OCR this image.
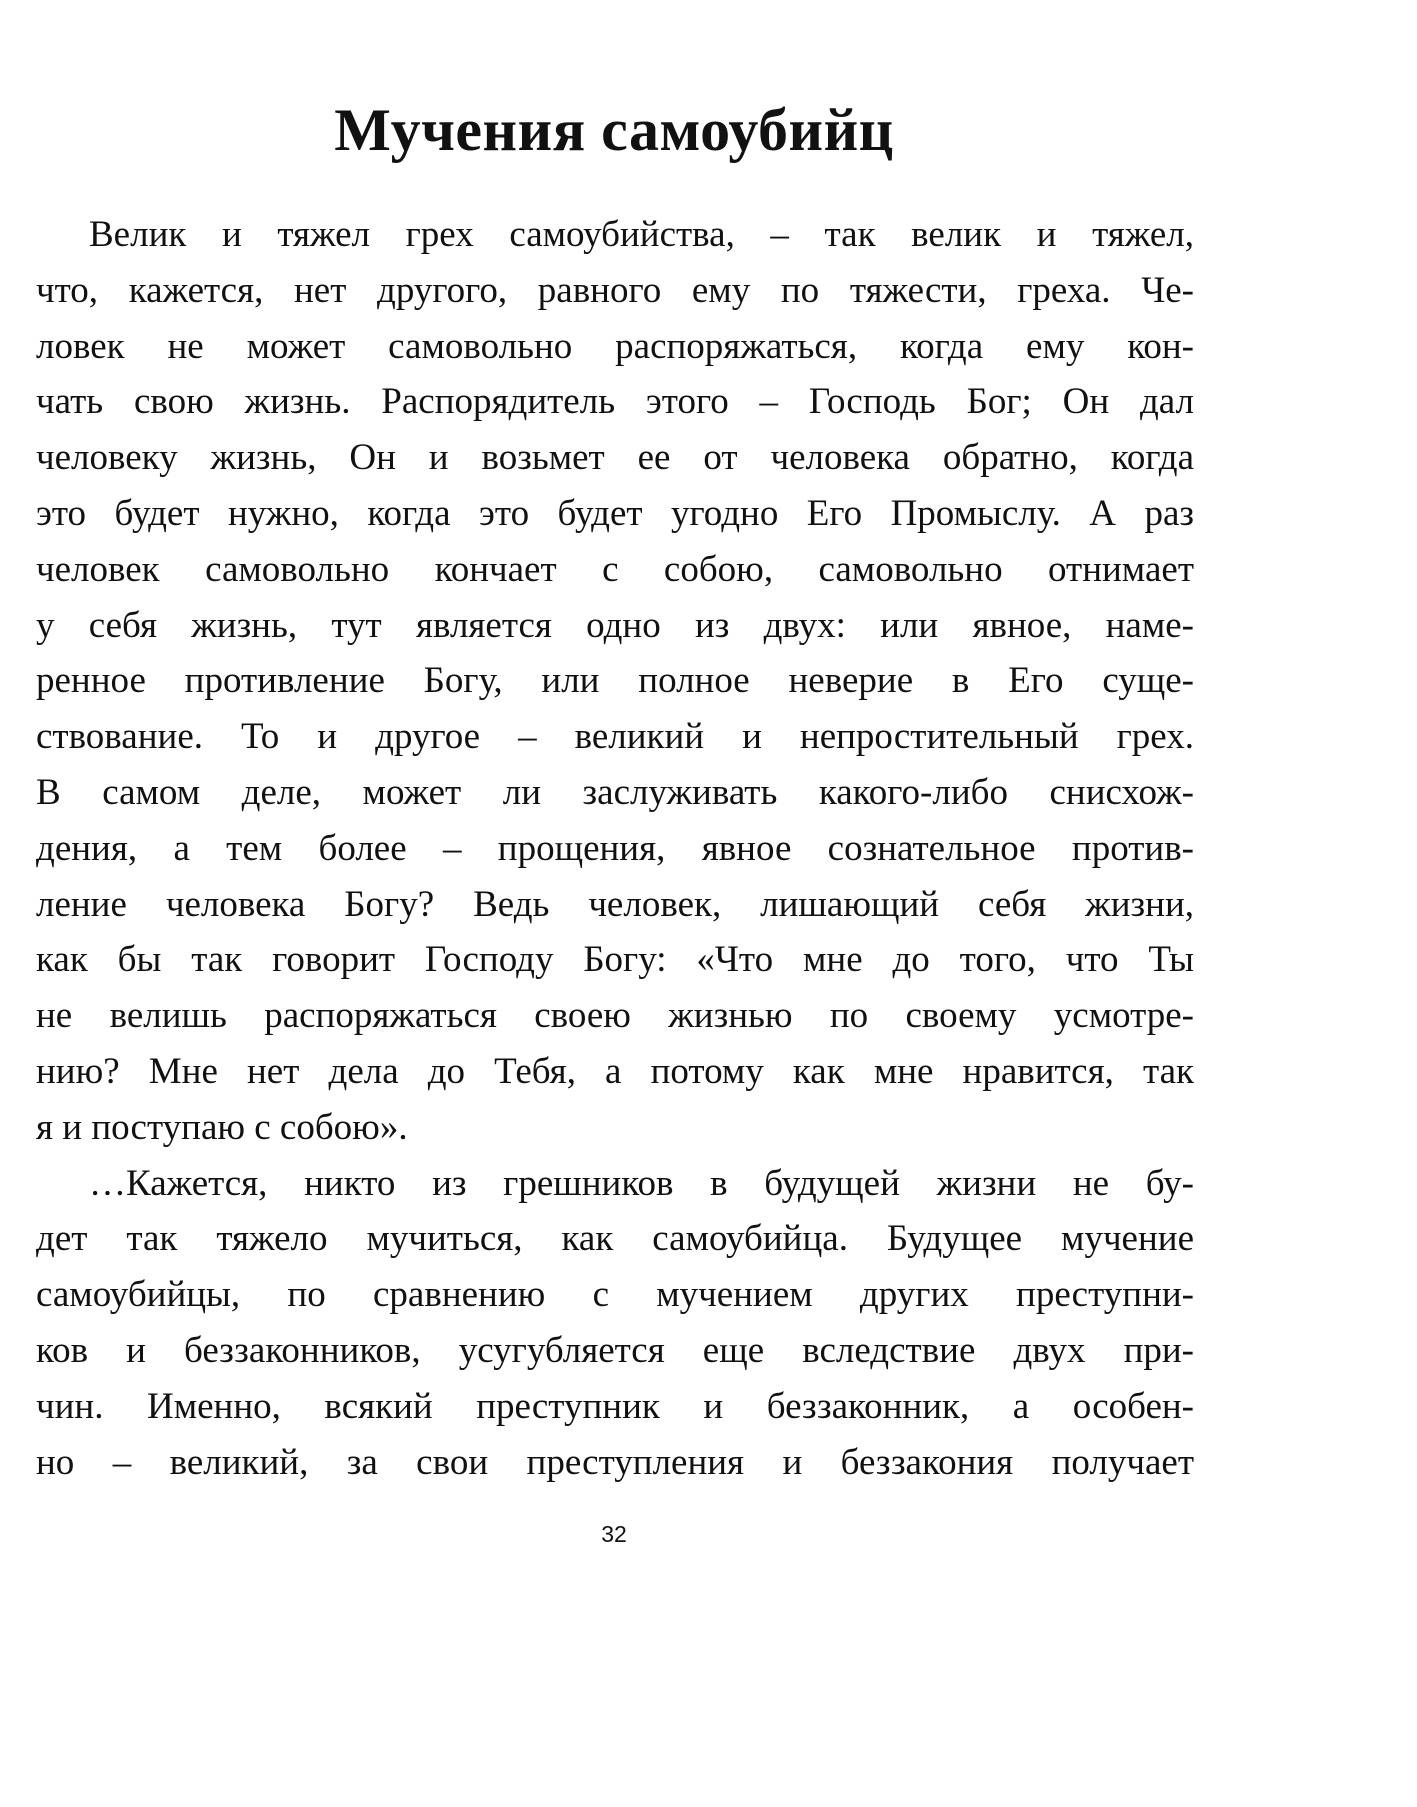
Мучения самоубийц
Велик и тяжел грех самоубийства, – так велик и тяжел,
что, кажется, нет другого, равного ему по тяжести, греха. Че-
ловек не может самовольно распоряжаться, когда ему кон-
чать свою жизнь. Распорядитель этого – Господь Бог; Он дал
человеку жизнь, Он и возьмет ее от человека обратно, когда
это будет нужно, когда это будет угодно Его Промыслу. А раз
человек самовольно кончает с собою, самовольно отнимает
у себя жизнь, тут является одно из двух: или явное, наме-
ренное противление Богу, или полное неверие в Его суще-
ствование. То и другое – великий и непростительный грех.
В самом деле, может ли заслуживать какого-либо снисхож-
дения, а тем более – прощения, явное сознательное против-
ление человека Богу? Ведь человек, лишающий себя жизни,
как бы так говорит Господу Богу: «Что мне до того, что Ты
не велишь распоряжаться своею жизнью по своему усмотре-
нию? Мне нет дела до Тебя, а потому как мне нравится, так
я и поступаю с собою».
…Кажется, никто из грешников в будущей жизни не бу-
дет так тяжело мучиться, как самоубийца. Будущее мучение
самоубийцы, по сравнению с мучением других преступни-
ков и беззаконников, усугубляется еще вследствие двух при-
чин. Именно, всякий преступник и беззаконник, а особен-
но – великий, за свои преступления и беззакония получает
32
